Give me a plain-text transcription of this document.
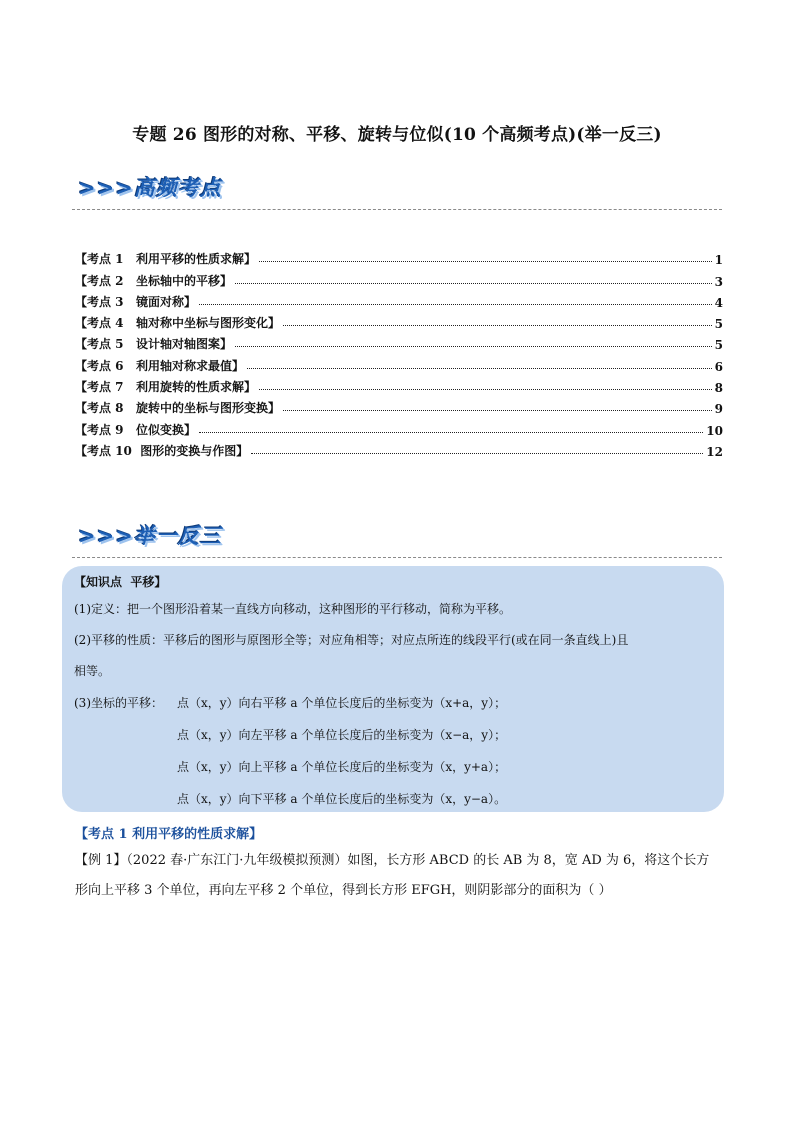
专题 26 图形的对称、平移、旋转与位似(10 个高频考点)(举一反三)
>>>高频考点
【考点 1   利用平移的性质求解】	1
【考点 2   坐标轴中的平移】	3
【考点 3   镜面对称】	4
【考点 4   轴对称中坐标与图形变化】	5
【考点 5   设计轴对轴图案】	5
【考点 6   利用轴对称求最值】	6
【考点 7   利用旋转的性质求解】	8
【考点 8   旋转中的坐标与图形变换】	9
【考点 9   位似变换】	10
【考点 10  图形的变换与作图】	12
>>>举一反三
【知识点  平移】
(1)定义：把一个图形沿着某一直线方向移动，这种图形的平行移动，简称为平移。
(2)平移的性质：平移后的图形与原图形全等；对应角相等；对应点所连的线段平行(或在同一条直线上)且
相等。
(3)坐标的平移： 点（x，y）向右平移 a 个单位长度后的坐标变为（x+a，y）；
点（x，y）向左平移 a 个单位长度后的坐标变为（x−a，y）；
点（x，y）向上平移 a 个单位长度后的坐标变为（x，y+a）；
点（x，y）向下平移 a 个单位长度后的坐标变为（x，y−a）。
【考点 1 利用平移的性质求解】
【例 1】（2022 春·广东江门·九年级模拟预测）如图，长方形 ABCD 的长 AB 为 8，宽 AD 为 6，将这个长方
形向上平移 3 个单位，再向左平移 2 个单位，得到长方形 EFGH，则阴影部分的面积为（ ）
